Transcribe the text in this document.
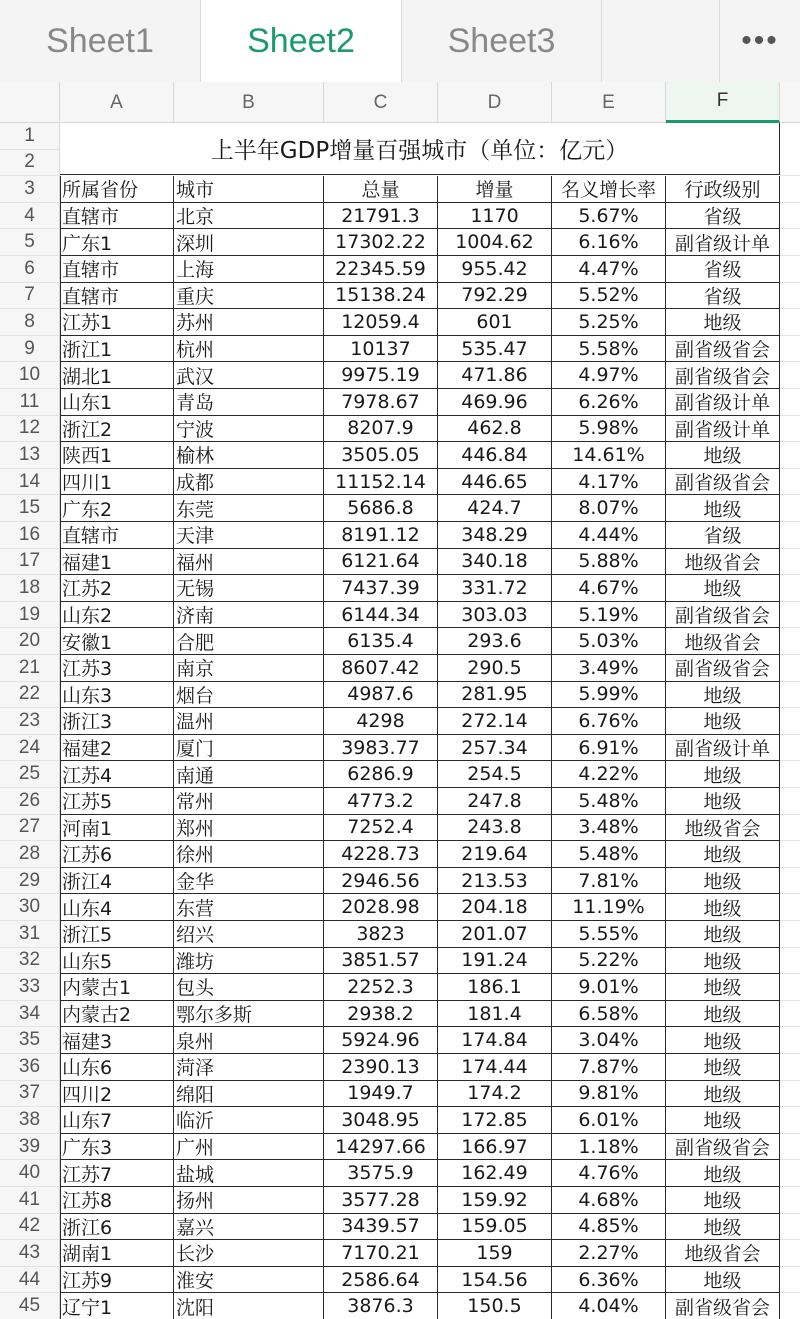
Sheet1	Sheet2	Sheet3	•••
A	B	C	D	E	F
上半年GDP增量百强城市（单位：亿元）
1
2
3	所属省份	城市	总量	增量	名义增长率	行政级别
4	直辖市	北京	21791.3	1170	5.67%	省级
5	广东1	深圳	17302.22	1004.62	6.16%	副省级计单
6	直辖市	上海	22345.59	955.42	4.47%	省级
7	直辖市	重庆	15138.24	792.29	5.52%	省级
8	江苏1	苏州	12059.4	601	5.25%	地级
9	浙江1	杭州	10137	535.47	5.58%	副省级省会
10	湖北1	武汉	9975.19	471.86	4.97%	副省级省会
11	山东1	青岛	7978.67	469.96	6.26%	副省级计单
12	浙江2	宁波	8207.9	462.8	5.98%	副省级计单
13	陕西1	榆林	3505.05	446.84	14.61%	地级
14	四川1	成都	11152.14	446.65	4.17%	副省级省会
15	广东2	东莞	5686.8	424.7	8.07%	地级
16	直辖市	天津	8191.12	348.29	4.44%	省级
17	福建1	福州	6121.64	340.18	5.88%	地级省会
18	江苏2	无锡	7437.39	331.72	4.67%	地级
19	山东2	济南	6144.34	303.03	5.19%	副省级省会
20	安徽1	合肥	6135.4	293.6	5.03%	地级省会
21	江苏3	南京	8607.42	290.5	3.49%	副省级省会
22	山东3	烟台	4987.6	281.95	5.99%	地级
23	浙江3	温州	4298	272.14	6.76%	地级
24	福建2	厦门	3983.77	257.34	6.91%	副省级计单
25	江苏4	南通	6286.9	254.5	4.22%	地级
26	江苏5	常州	4773.2	247.8	5.48%	地级
27	河南1	郑州	7252.4	243.8	3.48%	地级省会
28	江苏6	徐州	4228.73	219.64	5.48%	地级
29	浙江4	金华	2946.56	213.53	7.81%	地级
30	山东4	东营	2028.98	204.18	11.19%	地级
31	浙江5	绍兴	3823	201.07	5.55%	地级
32	山东5	潍坊	3851.57	191.24	5.22%	地级
33	内蒙古1	包头	2252.3	186.1	9.01%	地级
34	内蒙古2	鄂尔多斯	2938.2	181.4	6.58%	地级
35	福建3	泉州	5924.96	174.84	3.04%	地级
36	山东6	菏泽	2390.13	174.44	7.87%	地级
37	四川2	绵阳	1949.7	174.2	9.81%	地级
38	山东7	临沂	3048.95	172.85	6.01%	地级
39	广东3	广州	14297.66	166.97	1.18%	副省级省会
40	江苏7	盐城	3575.9	162.49	4.76%	地级
41	江苏8	扬州	3577.28	159.92	4.68%	地级
42	浙江6	嘉兴	3439.57	159.05	4.85%	地级
43	湖南1	长沙	7170.21	159	2.27%	地级省会
44	江苏9	淮安	2586.64	154.56	6.36%	地级
45	辽宁1	沈阳	3876.3	150.5	4.04%	副省级省会
